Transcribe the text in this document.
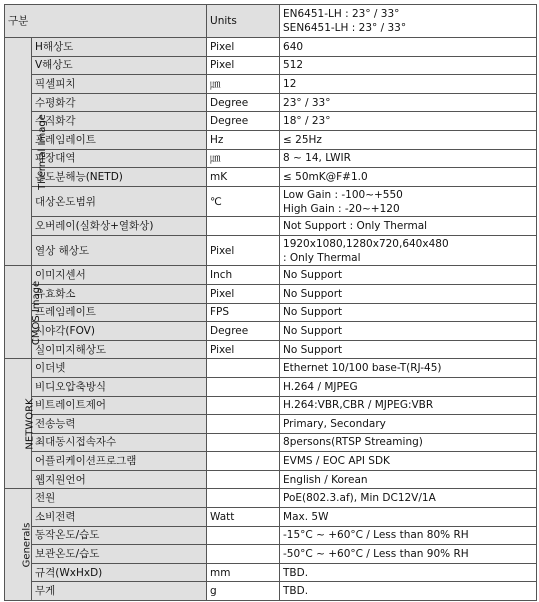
구분		Units	EN6451-LH : 23° / 33°
SEN6451-LH : 23° / 33°

Thermal Image	H해상도	Pixel	640

	V해상도	Pixel	512

	픽셀피치	㎛	12

	수평화각	Degree	23° / 33°

	수직화각	Degree	18° / 23°

	프레임레이트	Hz	≤ 25Hz

	파장대역	㎛	8 ~ 14, LWIR

	온도분해능(NETD)	mK	≤ 50mK@F#1.0

	대상온도범위	℃	Low Gain : -100~+550
High Gain : -20~+120

	오버레이(실화상+열화상)		Not Support : Only Thermal

	열상 해상도	Pixel	1920x1080,1280x720,640x480
: Only Thermal

CMOS Image	이미지센서	Inch	No Support

	유효화소	Pixel	No Support

	프레임레이트	FPS	No Support

	시야각(FOV)	Degree	No Support

	실이미지해상도	Pixel	No Support

NETWORK	이더넷		Ethernet 10/100 base-T(RJ-45)

	비디오압축방식		H.264 / MJPEG

	비트레이트제어		H.264:VBR,CBR / MJPEG:VBR

	전송능력		Primary, Secondary

	최대동시접속자수		8persons(RTSP Streaming)

	어플리케이션프로그램		EVMS / EOC API SDK

	웹지원언어		English / Korean

Generals	전원		PoE(802.3.af), Min DC12V/1A

	소비전력	Watt	Max. 5W

	동작온도/습도		-15°C ~ +60°C / Less than 80% RH

	보관온도/습도		-50°C ~ +60°C / Less than 90% RH

	규격(WxHxD)	mm	TBD.

	무게	g	TBD.
